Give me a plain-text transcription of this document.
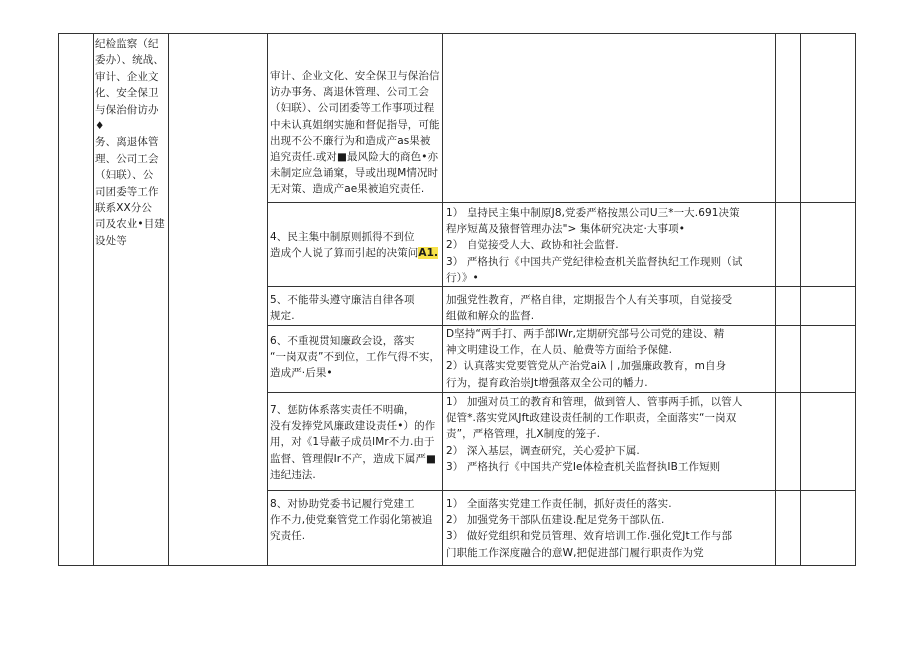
纪检监察（纪
委办）、统战、
审计、企业文
化、安全保卫
与保治佾访办♦
务、离退体管
理、公司工会
（妇联）、公
司团委等工作
联系XX分公
司及农业•目建
设处等
审计、企业文化、安全保卫与保治信
访办事务、离退休管理、公司工会
（妇联）、公司团委等工作事项过程
中未认真姐纲实施和督促指导，可能
出现不公不廉行为和造成产as果被
追究责任.或对■最风险大的商色•亦
未制定应急诵窠，导或出现M情况时
无对策、造成产ae果被追究责任.
4、民主集中制原则抓得不到位
造成个人说了算而引起的决策问A1.
1） 皇持民主集中制原J8,党委严格按黑公司U三*一大.691决策
程序短萬及猿督管理办法"> 集体研究决定·大事项•
2） 自觉接受人大、政协和社会监督.
3） 严格执行《中国共产党纪律检查机关监督执纪工作现则（试
行）》•
5、不能带头遵守廉洁自律各项
规定.
加强党性教育，严格自律，定期报告个人有关事项，自觉接受
组做和解众的监督.
6、不重视贯知廉政会设，落实
“一岗双责”不到位，工作气得不实，
造成严·后果•
D坚持“两手打、两手部lWr,定期研究部号公司党的建设、精
神文明建设工作，在人员、舱费等方面给予保健.
2）认真落实党要管党从产治党aiλ丨,加强廉政教育，m自身
行为，提育政治崇Jt增强落双全公司的幡力.
7、惩防体系落实责任不明确，
没有发捧党风廉政建设责任•）的作
用，对《1导蔽子成员lMr不力.由于
监督、管理假Ir不产，造成下属严■
违纪违法.
1） 加强对员工的教育和管理，做到管人、管事两手抓，以管人
促管*.落实党风Jft政建设责任制的工作职责，全面落实“一岗双
责”，严格管理，扎X制度的笼子.
2） 深入基层，调查研究，关心爱护下属.
3） 严格执行《中国共产党Ie体检査机关监督执IB工作短则
8、对协助党委书记履行党建工
作不力,使党棄管党工作弱化第被追
究责任.
1） 全面落实党建工作责任制，抓好责任的落实.
2） 加强党务干部队伍建设.配足党务干部队伍.
3） 做好党组织和党员管理、效育培训工作.强化党Jt工作与部
门职能工作深度融合的意W,把促进部门履行职责作为党
